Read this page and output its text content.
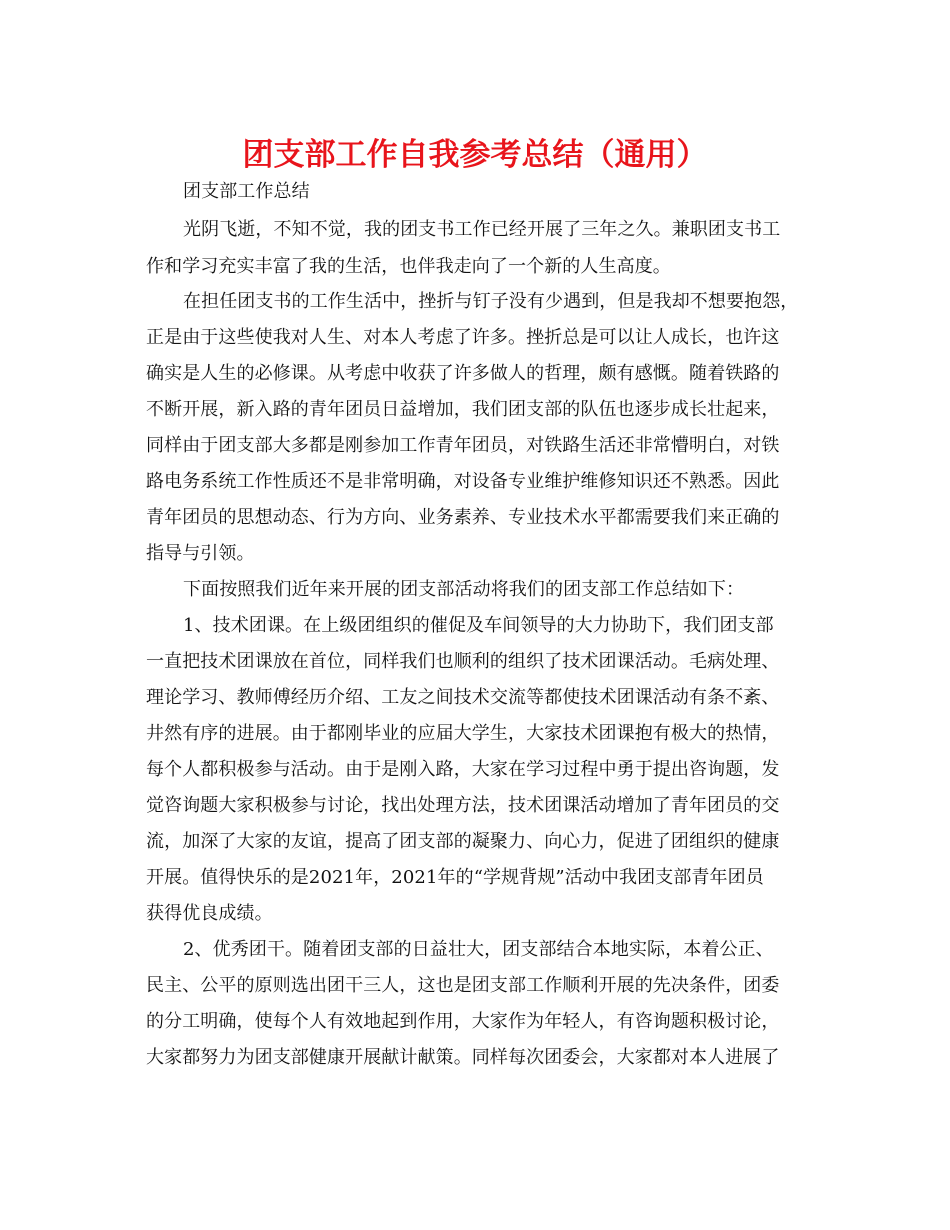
团支部工作自我参考总结（通用）
团支部工作总结
光阴飞逝，不知不觉，我的团支书工作已经开展了三年之久。兼职团支书工
作和学习充实丰富了我的生活，也伴我走向了一个新的人生高度。
在担任团支书的工作生活中，挫折与钉子没有少遇到，但是我却不想要抱怨，
正是由于这些使我对人生、对本人考虑了许多。挫折总是可以让人成长，也许这
确实是人生的必修课。从考虑中收获了许多做人的哲理，颇有感慨。随着铁路的
不断开展，新入路的青年团员日益增加，我们团支部的队伍也逐步成长壮起来，
同样由于团支部大多都是刚参加工作青年团员，对铁路生活还非常懵明白，对铁
路电务系统工作性质还不是非常明确，对设备专业维护维修知识还不熟悉。因此
青年团员的思想动态、行为方向、业务素养、专业技术水平都需要我们来正确的
指导与引领。
下面按照我们近年来开展的团支部活动将我们的团支部工作总结如下：
1、技术团课。在上级团组织的催促及车间领导的大力协助下，我们团支部
一直把技术团课放在首位，同样我们也顺利的组织了技术团课活动。毛病处理、
理论学习、教师傅经历介绍、工友之间技术交流等都使技术团课活动有条不紊、
井然有序的进展。由于都刚毕业的应届大学生，大家技术团课抱有极大的热情，
每个人都积极参与活动。由于是刚入路，大家在学习过程中勇于提出咨询题，发
觉咨询题大家积极参与讨论，找出处理方法，技术团课活动增加了青年团员的交
流，加深了大家的友谊，提高了团支部的凝聚力、向心力，促进了团组织的健康
开展。值得快乐的是2021年，2021年的“学规背规”活动中我团支部青年团员
获得优良成绩。
2、优秀团干。随着团支部的日益壮大，团支部结合本地实际，本着公正、
民主、公平的原则选出团干三人，这也是团支部工作顺利开展的先决条件，团委
的分工明确，使每个人有效地起到作用，大家作为年轻人，有咨询题积极讨论，
大家都努力为团支部健康开展献计献策。同样每次团委会，大家都对本人进展了
